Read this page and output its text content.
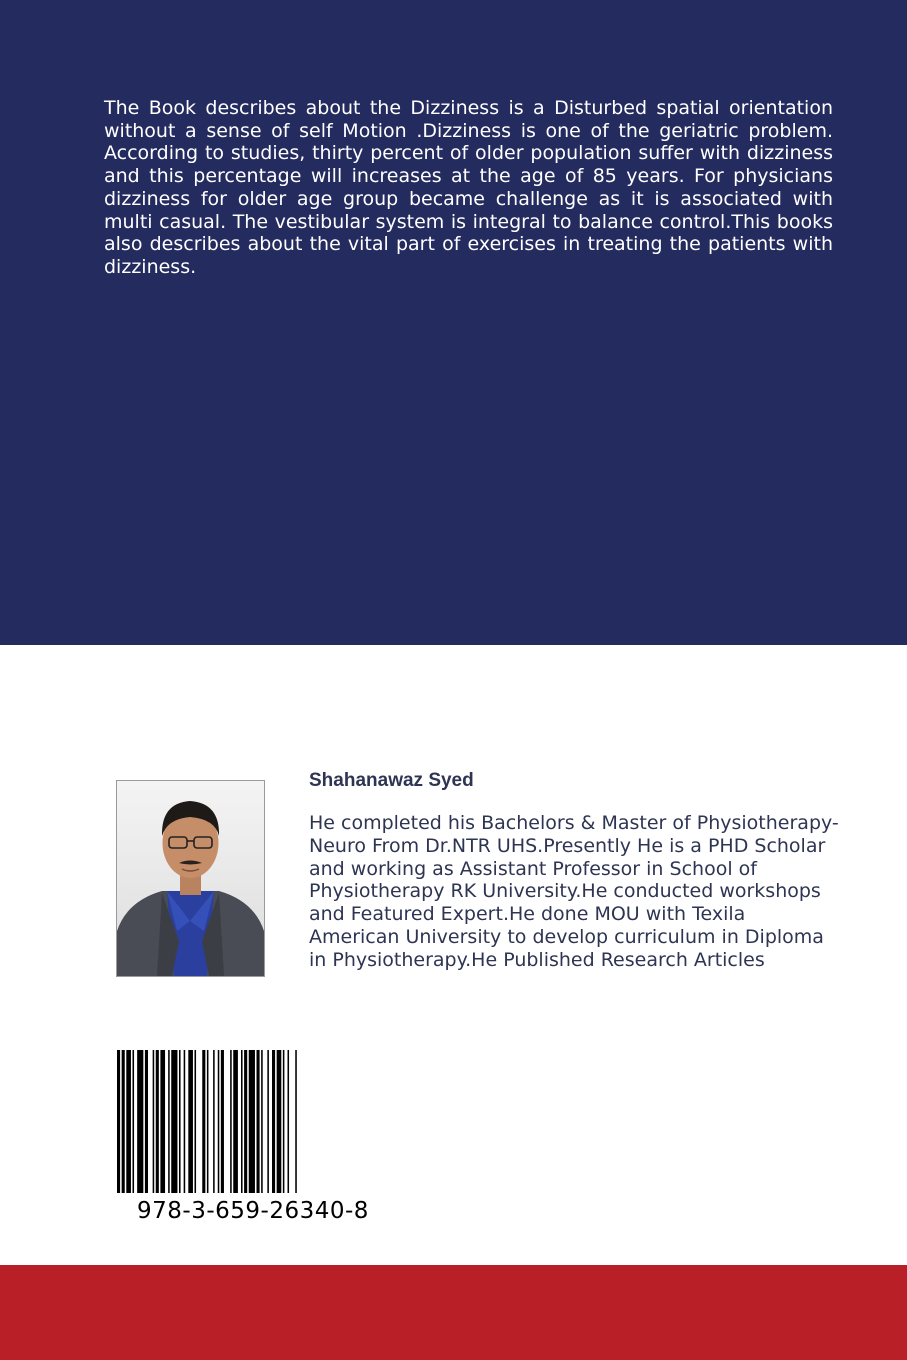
The Book describes about the Dizziness is a Disturbed spatial orientation without a sense of self Motion .Dizziness is one of the geriatric problem. According to studies, thirty percent of older population suffer with dizziness and this percentage will increases at the age of 85 years. For physicians dizziness for older age group became challenge as it is associated with multi casual. The vestibular system is integral to balance control.This books also describes about the vital part of exercises in treating the patients with dizziness.

Shahanawaz Syed

He completed his Bachelors & Master of Physiotherapy-Neuro From Dr.NTR UHS.Presently He is a PHD Scholar and working as Assistant Professor in School of Physiotherapy RK University.He conducted workshops and Featured Expert.He done MOU with Texila American University to develop curriculum in Diploma in Physiotherapy.He Published Research Articles

978-3-659-26340-8
